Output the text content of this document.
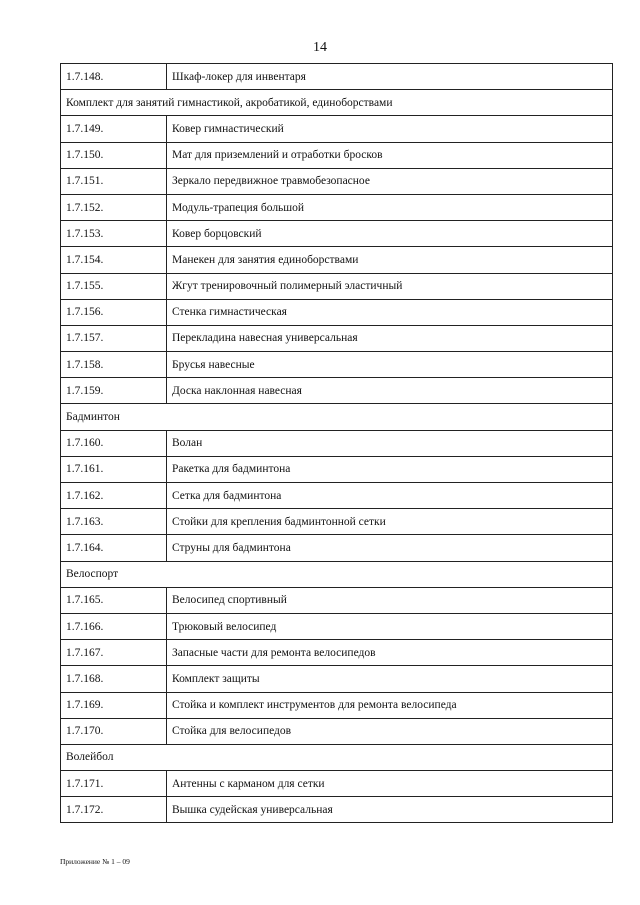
14
1.7.148.	Шкаф-локер для инвентаря
Комплект для занятий гимнастикой, акробатикой, единоборствами	
1.7.149.	Ковер гимнастический
1.7.150.	Мат для приземлений и отработки бросков
1.7.151.	Зеркало передвижное травмобезопасное
1.7.152.	Модуль-трапеция большой
1.7.153.	Ковер борцовский
1.7.154.	Манекен для занятия единоборствами
1.7.155.	Жгут тренировочный полимерный эластичный
1.7.156.	Стенка гимнастическая
1.7.157.	Перекладина навесная универсальная
1.7.158.	Брусья навесные
1.7.159.	Доска наклонная навесная
Бадминтон	
1.7.160.	Волан
1.7.161.	Ракетка для бадминтона
1.7.162.	Сетка для бадминтона
1.7.163.	Стойки для крепления бадминтонной сетки
1.7.164.	Струны для бадминтона
Велоспорт	
1.7.165.	Велосипед спортивный
1.7.166.	Трюковый велосипед
1.7.167.	Запасные части для ремонта велосипедов
1.7.168.	Комплект защиты
1.7.169.	Стойка и комплект инструментов для ремонта велосипеда
1.7.170.	Стойка для велосипедов
Волейбол	
1.7.171.	Антенны с карманом для сетки
1.7.172.	Вышка судейская универсальная
Приложение № 1 – 09
